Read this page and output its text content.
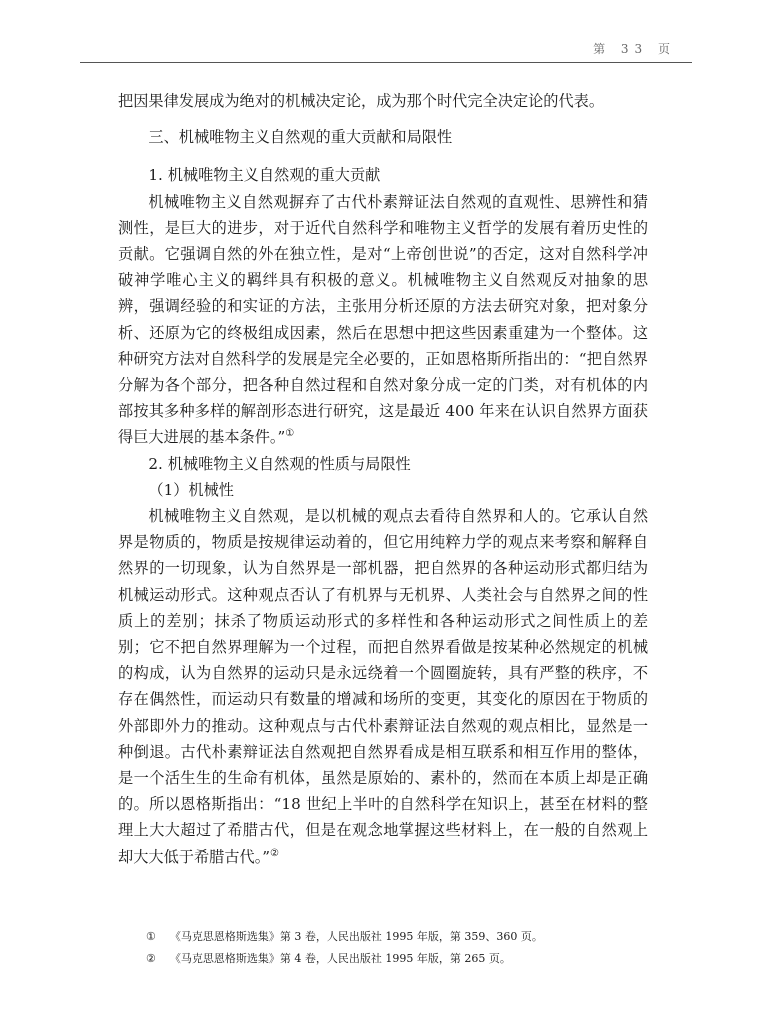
第 33 页

把因果律发展成为绝对的机械决定论，成为那个时代完全决定论的代表。

三、机械唯物主义自然观的重大贡献和局限性

1. 机械唯物主义自然观的重大贡献

机械唯物主义自然观摒弃了古代朴素辩证法自然观的直观性、思辨性和猜测性，是巨大的进步，对于近代自然科学和唯物主义哲学的发展有着历史性的贡献。它强调自然的外在独立性，是对“上帝创世说”的否定，这对自然科学冲破神学唯心主义的羁绊具有积极的意义。机械唯物主义自然观反对抽象的思辨，强调经验的和实证的方法，主张用分析还原的方法去研究对象，把对象分析、还原为它的终极组成因素，然后在思想中把这些因素重建为一个整体。这种研究方法对自然科学的发展是完全必要的，正如恩格斯所指出的：“把自然界分解为各个部分，把各种自然过程和自然对象分成一定的门类，对有机体的内部按其多种多样的解剖形态进行研究，这是最近 400 年来在认识自然界方面获得巨大进展的基本条件。”①

2. 机械唯物主义自然观的性质与局限性

（1）机械性

机械唯物主义自然观，是以机械的观点去看待自然界和人的。它承认自然界是物质的，物质是按规律运动着的，但它用纯粹力学的观点来考察和解释自然界的一切现象，认为自然界是一部机器，把自然界的各种运动形式都归结为机械运动形式。这种观点否认了有机界与无机界、人类社会与自然界之间的性质上的差别；抹杀了物质运动形式的多样性和各种运动形式之间性质上的差别；它不把自然界理解为一个过程，而把自然界看做是按某种必然规定的机械的构成，认为自然界的运动只是永远绕着一个圆圈旋转，具有严整的秩序，不存在偶然性，而运动只有数量的增减和场所的变更，其变化的原因在于物质的外部即外力的推动。这种观点与古代朴素辩证法自然观的观点相比，显然是一种倒退。古代朴素辩证法自然观把自然界看成是相互联系和相互作用的整体，是一个活生生的生命有机体，虽然是原始的、素朴的，然而在本质上却是正确的。所以恩格斯指出：“18 世纪上半叶的自然科学在知识上，甚至在材料的整理上大大超过了希腊古代，但是在观念地掌握这些材料上，在一般的自然观上却大大低于希腊古代。”②

① 《马克思恩格斯选集》第 3 卷，人民出版社 1995 年版，第 359、360 页。
② 《马克思恩格斯选集》第 4 卷，人民出版社 1995 年版，第 265 页。
